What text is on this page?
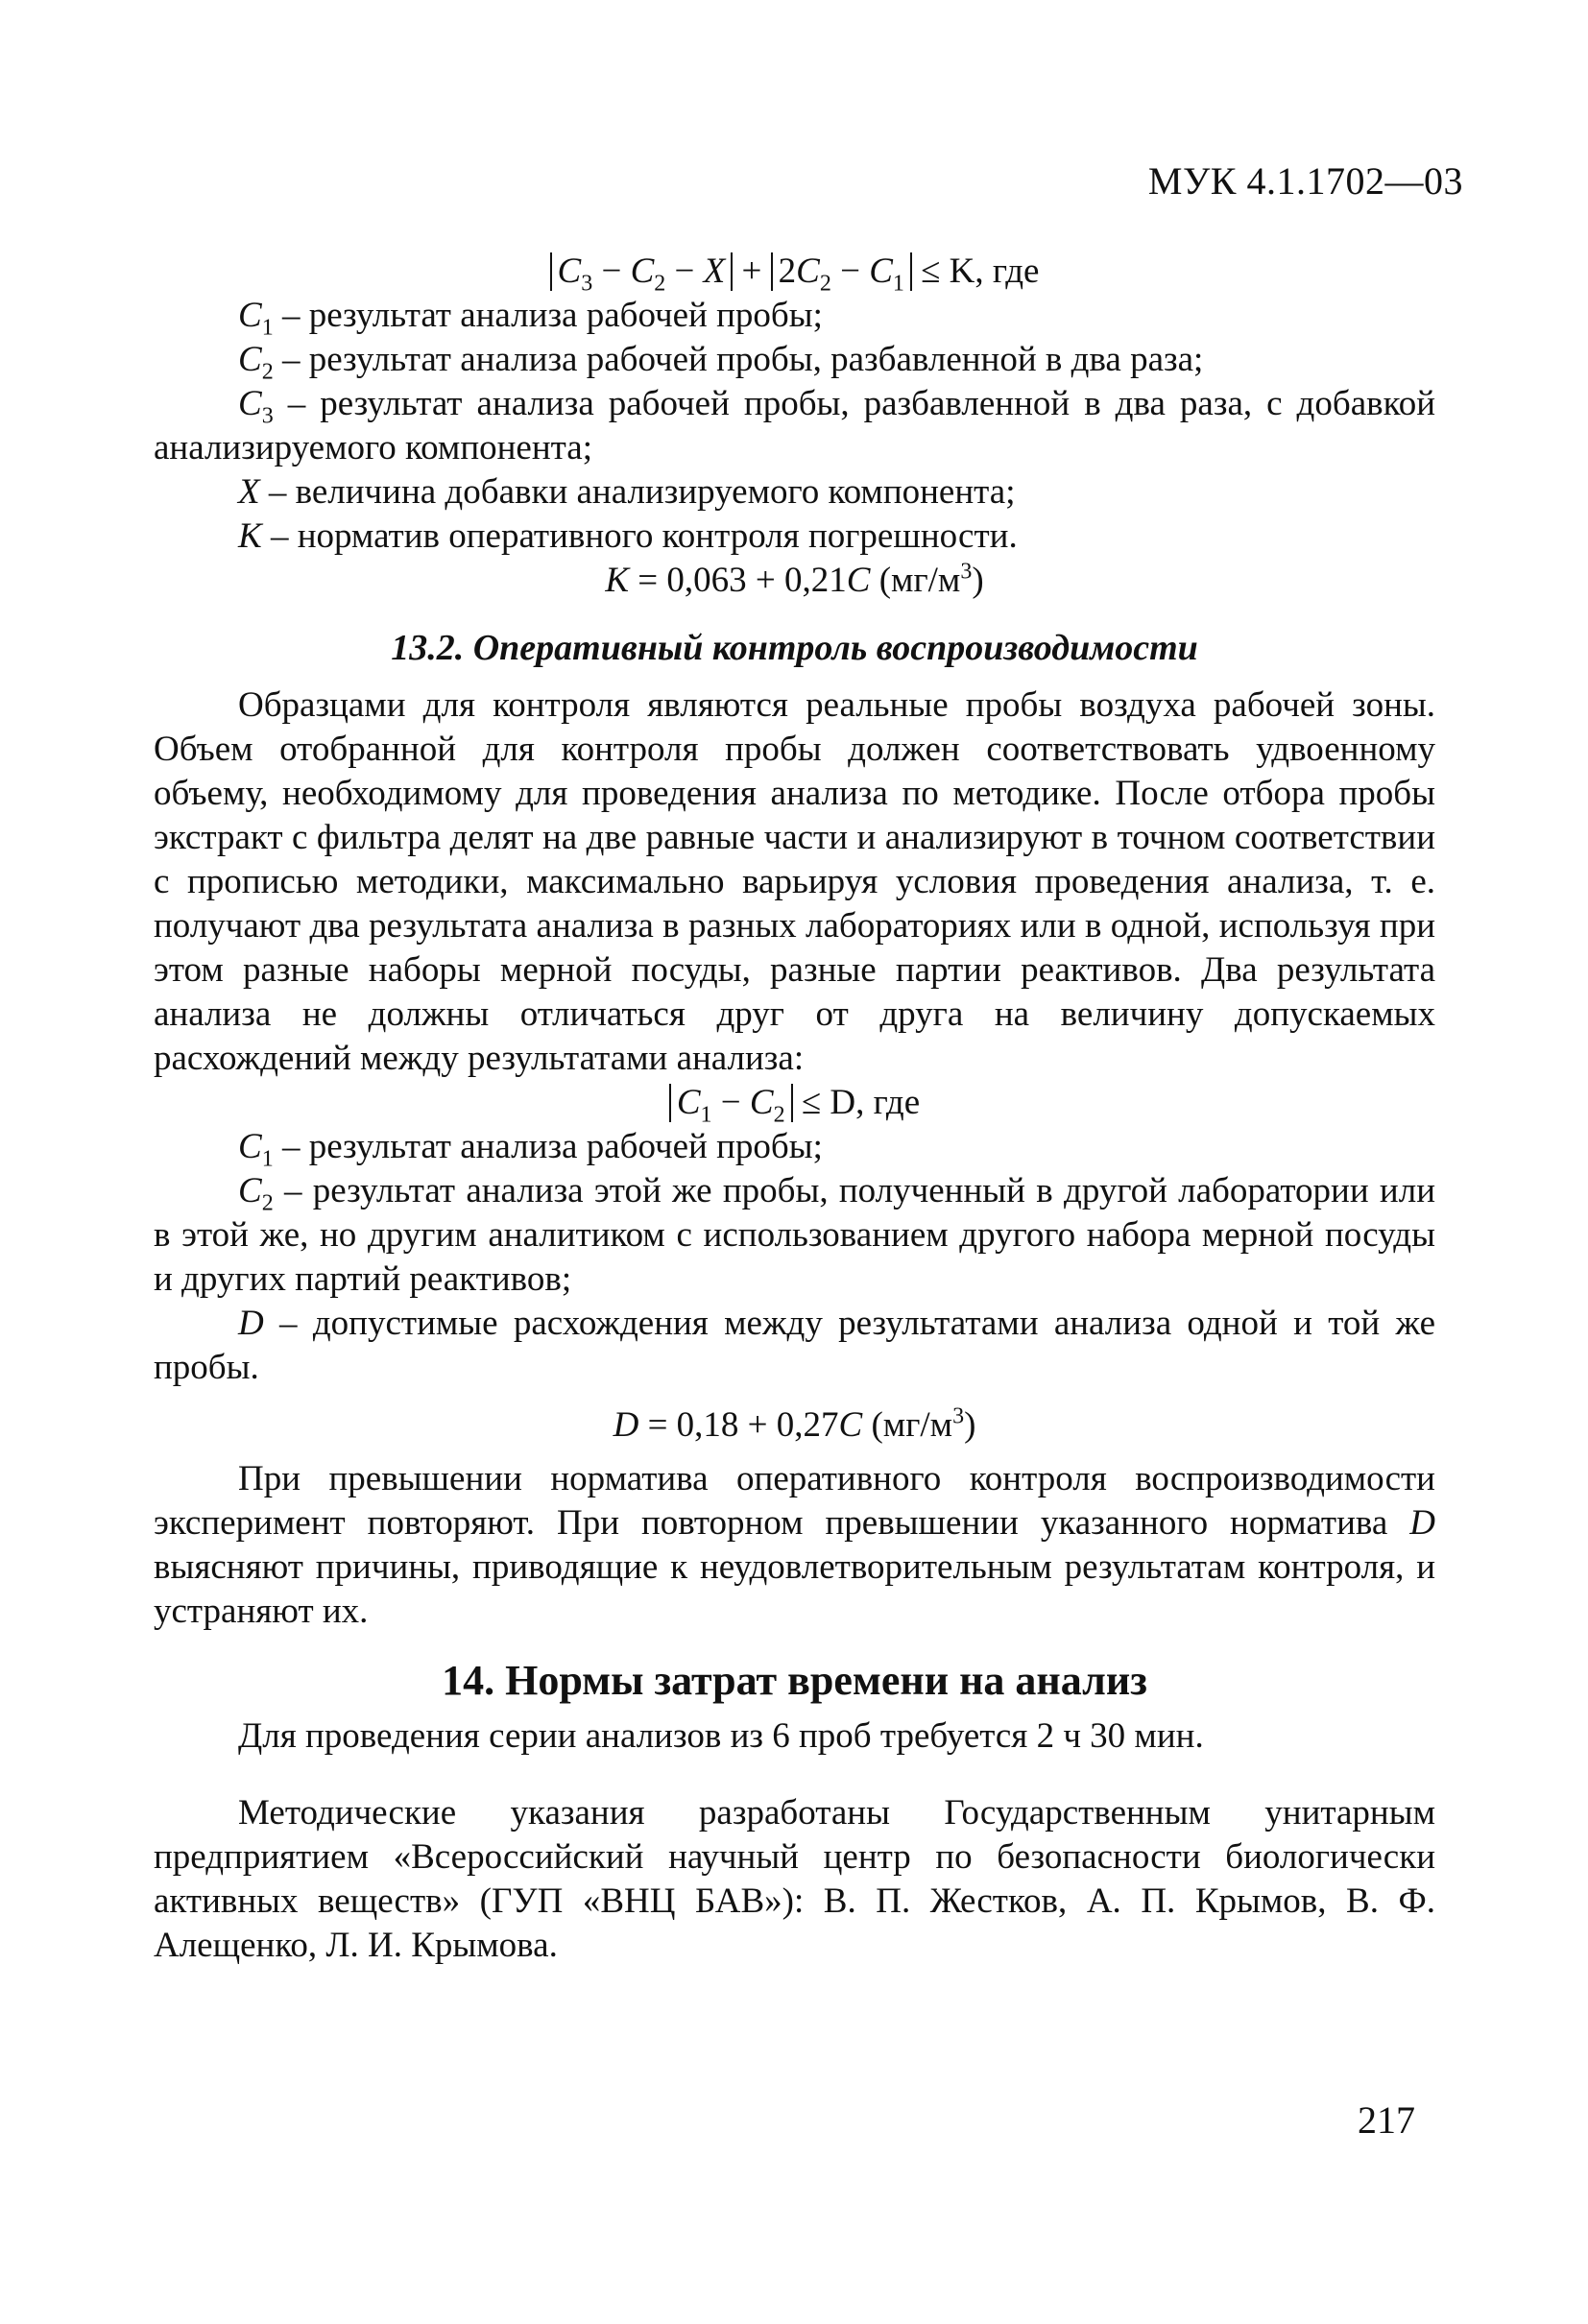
МУК 4.1.1702—03

$C_3 - C_2 - X + 2C_2 - C_1 \le K$, где

$C_1$ – результат анализа рабочей пробы;

$C_2$ – результат анализа рабочей пробы, разбавленной в два раза;

$C_3$ – результат анализа рабочей пробы, разбавленной в два раза, с добавкой анализируемого компонента;

X – величина добавки анализируемого компонента;

K – норматив оперативного контроля погрешности.

K = 0,063 + 0,21C $(мг/м^3)$

13.2. Оперативный контроль воспроизводимости

Образцами для контроля являются реальные пробы воздуха рабочей зоны. Объем отобранной для контроля пробы должен соответствовать удвоенному объему, необходимому для проведения анализа по методике. После отбора пробы экстракт с фильтра делят на две равные части и анализируют в точном соответствии с прописью методики, максимально варьируя условия проведения анализа, т. е. получают два результата анализа в разных лабораториях или в одной, используя при этом разные наборы мерной посуды, разные партии реактивов. Два результата анализа не должны отличаться друг от друга на величину допускаемых расхождений между результатами анализа:

$C_1 - C_2 \le D$, где

$C_1$ – результат анализа рабочей пробы;

$C_2$ – результат анализа этой же пробы, полученный в другой лаборатории или в этой же, но другим аналитиком с использованием другого набора мерной посуды и других партий реактивов;

D – допустимые расхождения между результатами анализа одной и той же пробы.

D = 0,18 + 0,27C $(мг/м^3)$

При превышении норматива оперативного контроля воспроизводимости эксперимент повторяют. При повторном превышении указанного норматива D выясняют причины, приводящие к неудовлетворительным результатам контроля, и устраняют их.

14. Нормы затрат времени на анализ

Для проведения серии анализов из 6 проб требуется 2 ч 30 мин.

Методические указания разработаны Государственным унитарным предприятием «Всероссийский научный центр по безопасности биологически активных веществ» (ГУП «ВНЦ БАВ»): В. П. Жестков, А. П. Крымов, В. Ф. Алещенко, Л. И. Крымова.

217
